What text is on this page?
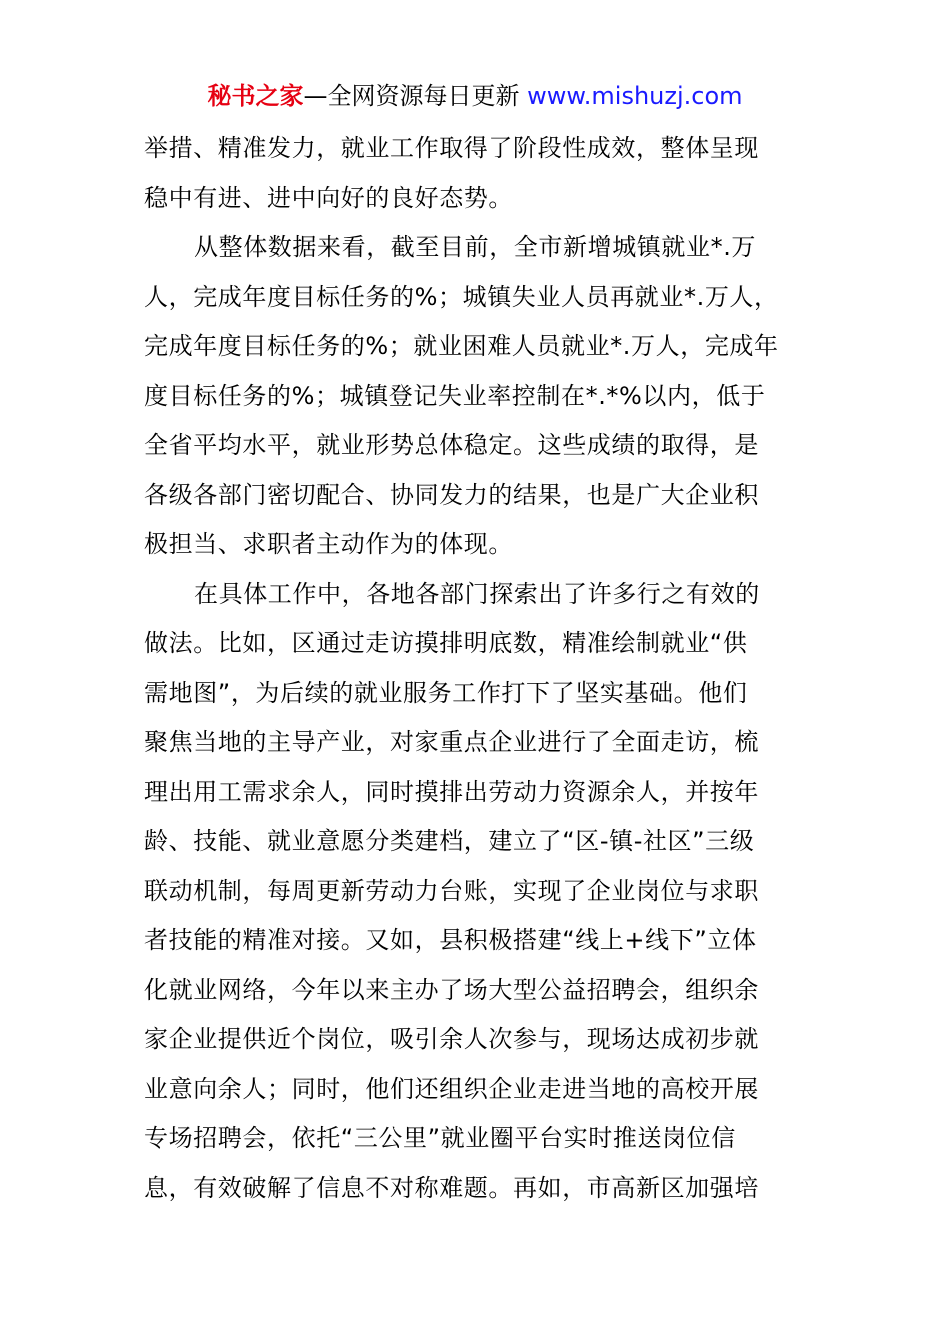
秘书之家—全网资源每日更新 www.mishuzj.com
举措、精准发力，就业工作取得了阶段性成效，整体呈现
稳中有进、进中向好的良好态势。
从整体数据来看，截至目前，全市新增城镇就业*.万
人，完成年度目标任务的%；城镇失业人员再就业*.万人，
完成年度目标任务的%；就业困难人员就业*.万人，完成年
度目标任务的%；城镇登记失业率控制在*.*%以内，低于
全省平均水平，就业形势总体稳定。这些成绩的取得，是
各级各部门密切配合、协同发力的结果，也是广大企业积
极担当、求职者主动作为的体现。
在具体工作中，各地各部门探索出了许多行之有效的
做法。比如，区通过走访摸排明底数，精准绘制就业“供
需地图”，为后续的就业服务工作打下了坚实基础。他们
聚焦当地的主导产业，对家重点企业进行了全面走访，梳
理出用工需求余人，同时摸排出劳动力资源余人，并按年
龄、技能、就业意愿分类建档，建立了“区-镇-社区”三级
联动机制，每周更新劳动力台账，实现了企业岗位与求职
者技能的精准对接。又如，县积极搭建“线上+线下”立体
化就业网络，今年以来主办了场大型公益招聘会，组织余
家企业提供近个岗位，吸引余人次参与，现场达成初步就
业意向余人；同时，他们还组织企业走进当地的高校开展
专场招聘会，依托“三公里”就业圈平台实时推送岗位信
息，有效破解了信息不对称难题。再如，市高新区加强培
